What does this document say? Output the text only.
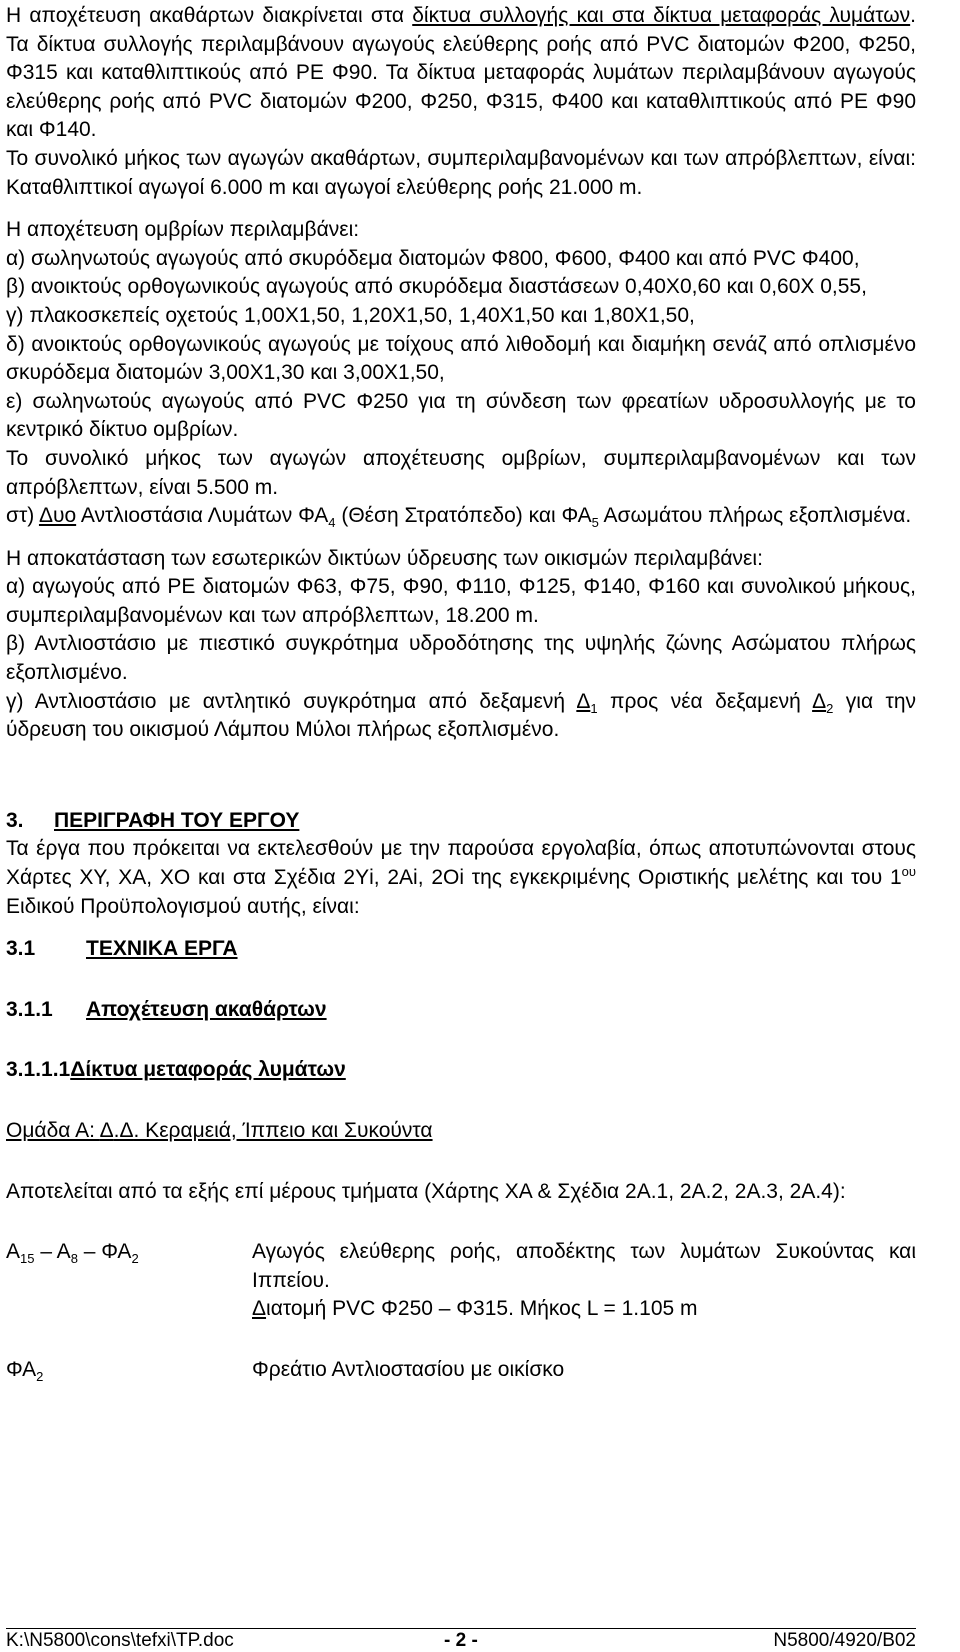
Η αποχέτευση ακαθάρτων διακρίνεται στα δίκτυα συλλογής και στα δίκτυα μεταφοράς λυμάτων. Τα δίκτυα συλλογής περιλαμβάνουν αγωγούς ελεύθερης ροής από PVC διατομών Φ200, Φ250, Φ315 και καταθλιπτικούς από PE Φ90. Τα δίκτυα μεταφοράς λυμάτων περιλαμβάνουν αγωγούς ελεύθερης ροής από PVC διατομών Φ200, Φ250, Φ315, Φ400 και καταθλιπτικούς από PE Φ90 και Φ140.

Το συνολικό μήκος των αγωγών ακαθάρτων, συμπεριλαμβανομένων και των απρόβλεπτων, είναι: Καταθλιπτικοί αγωγοί 6.000 m και αγωγοί ελεύθερης ροής 21.000 m.

Η αποχέτευση ομβρίων περιλαμβάνει:

α) σωληνωτούς αγωγούς από σκυρόδεμα διατομών Φ800, Φ600, Φ400 και από PVC Φ400,

β) ανοικτούς ορθογωνικούς αγωγούς από σκυρόδεμα διαστάσεων 0,40Χ0,60 και 0,60Χ 0,55,

γ) πλακοσκεπείς οχετούς 1,00Χ1,50, 1,20Χ1,50, 1,40Χ1,50 και 1,80Χ1,50,

δ) ανοικτούς ορθογωνικούς αγωγούς με τοίχους από λιθοδομή και διαμήκη σενάζ από οπλισμένο σκυρόδεμα διατομών 3,00Χ1,30 και 3,00Χ1,50,

ε) σωληνωτούς αγωγούς από PVC Φ250 για τη σύνδεση των φρεατίων υδροσυλλογής με το κεντρικό δίκτυο ομβρίων.

Το συνολικό μήκος των αγωγών αποχέτευσης ομβρίων, συμπεριλαμβανομένων και των απρόβλεπτων, είναι 5.500 m.

στ) Δυο Αντλιοστάσια Λυμάτων $\Phi A_4$ (Θέση Στρατόπεδο) και $\Phi A_5$ Ασωμάτου πλήρως εξοπλισμένα.

Η αποκατάσταση των εσωτερικών δικτύων ύδρευσης των οικισμών περιλαμβάνει:

α) αγωγούς από PE διατομών Φ63, Φ75, Φ90, Φ110, Φ125, Φ140, Φ160 και συνολικού μήκους, συμπεριλαμβανομένων και των απρόβλεπτων, 18.200 m.

β) Αντλιοστάσιο με πιεστικό συγκρότημα υδροδότησης της υψηλής ζώνης Ασώματου πλήρως εξοπλισμένο.

γ) Αντλιοστάσιο με αντλητικό συγκρότημα από δεξαμενή $\Delta_1$ προς νέα δεξαμενή $\Delta_2$ για την ύδρευση του οικισμού Λάμπου Μύλοι πλήρως εξοπλισμένο.

3. ΠΕΡΙΓΡΑΦΗ ΤΟΥ ΕΡΓΟΥ

Τα έργα που πρόκειται να εκτελεσθούν με την παρούσα εργολαβία, όπως αποτυπώνονται στους Χάρτες ΧΥ, ΧΑ, ΧΟ και στα Σχέδια 2Υi, 2Αi, 2Οi της εγκεκριμένης Οριστικής μελέτης και του $1^{o\upsilon}$ Ειδικού Προϋπολογισμού αυτής, είναι:

3.1 ΤΕΧΝΙΚΑ ΕΡΓΑ

3.1.1 Αποχέτευση ακαθάρτων

3.1.1.1Δίκτυα μεταφοράς λυμάτων

Ομάδα Α: Δ.Δ. Κεραμειά, Ίππειο και Συκούντα

Αποτελείται από τα εξής επί μέρους τμήματα (Χάρτης ΧΑ & Σχέδια 2Α.1, 2Α.2, 2Α.3, 2Α.4):

$A_{15} - A_8 - \Phi A_2$	Αγωγός ελεύθερης ροής, αποδέκτης των λυμάτων Συκούντας και Ιππείου.

Διατομή PVC Φ250 – Φ315. Μήκος L = 1.105 m

$\Phi A_2$	Φρεάτιο Αντλιοστασίου με οικίσκο

K:\N5800\cons\tefxi\TP.doc	- 2 -	N5800/4920/B02
